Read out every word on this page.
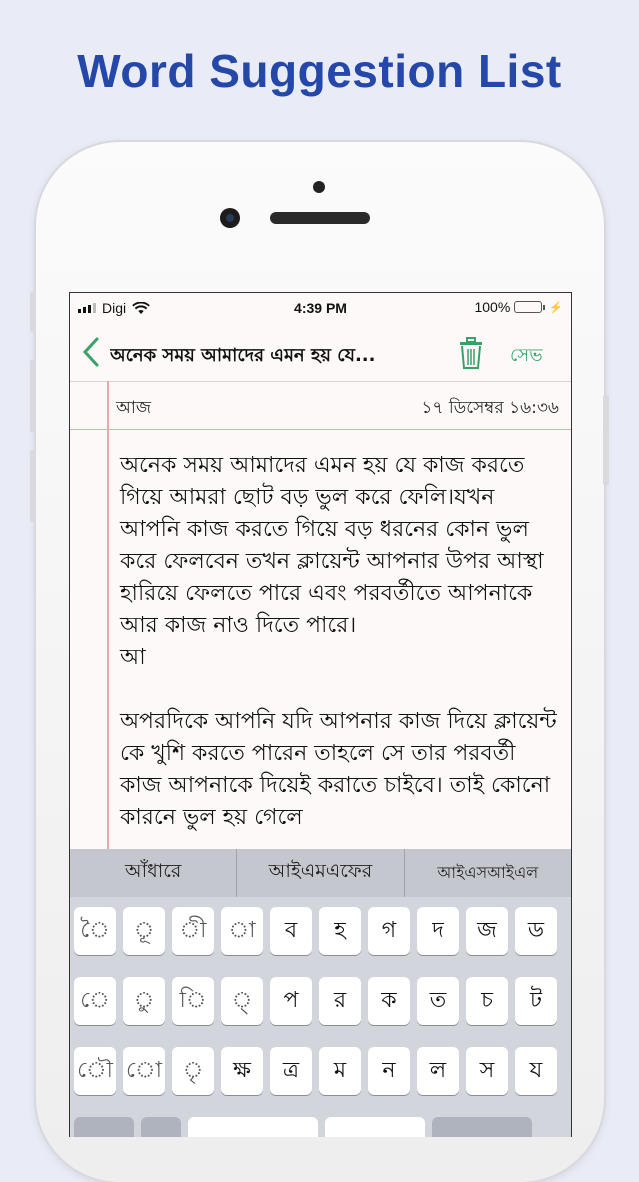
Word Suggestion List
Digi	4:39 PM	100%	⚡
অনেক সময় আমাদের এমন হয় যে...	সেভ
আজ	১৭ ডিসেম্বর ১৬:৩৬
অনেক সময় আমাদের এমন হয় যে কাজ করতে গিয়ে আমরা ছোট বড় ভুল করে ফেলি।যখন আপনি কাজ করতে গিয়ে বড় ধরনের কোন ভুল করে ফেলবেন তখন ক্লায়েন্ট আপনার উপর আস্থা হারিয়ে ফেলতে পারে এবং পরবর্তীতে আপনাকে আর কাজ নাও দিতে পারে।
আ

অপরদিকে আপনি যদি আপনার কাজ দিয়ে ক্লায়েন্ট কে খুশি করতে পারেন তাহলে সে তার পরবর্তী কাজ আপনাকে দিয়েই করাতে চাইবে। তাই কোনো কারনে ভুল হয় গেলে
আঁধারে	আইএমএফের	আইএসআইএল
ৈ	ূ	ী	া	ব	হ	গ	দ	জ	ড
ে	ু	ি	্	প	র	ক	ত	চ	ট
ৌ ো ৃ	ক্ষ	ত্র	ম	ন	ল	স	য
